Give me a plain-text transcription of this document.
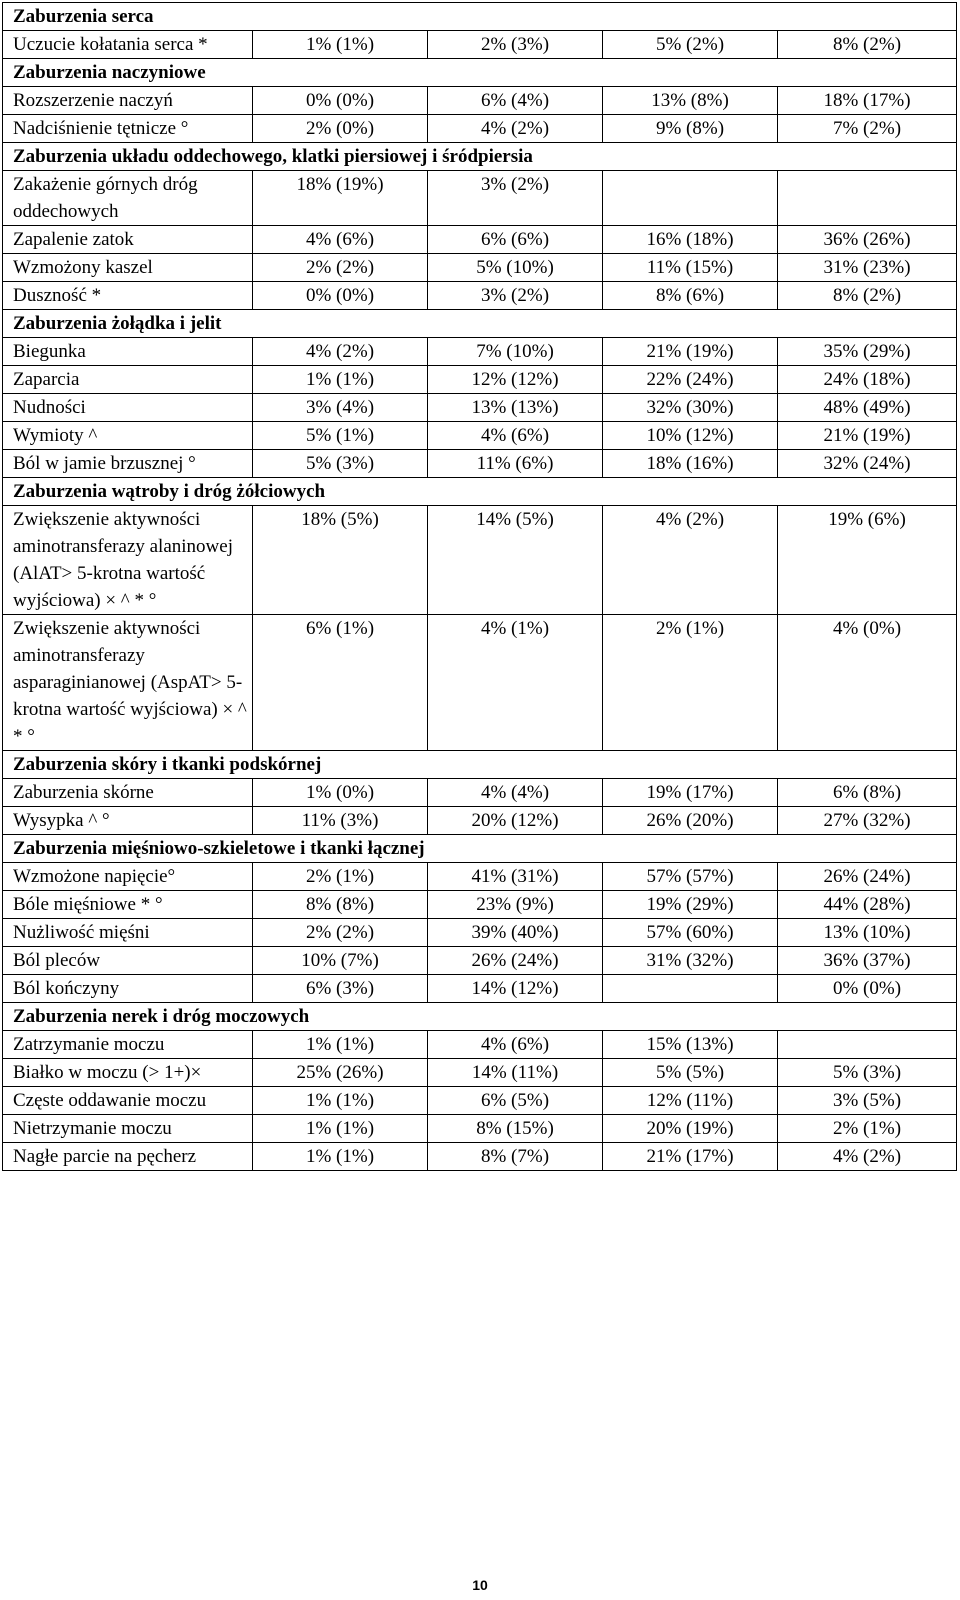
Zaburzenia serca				
Uczucie kołatania serca *	1% (1%)	2% (3%)	5% (2%)	8% (2%)
Zaburzenia naczyniowe				
Rozszerzenie naczyń	0% (0%)	6% (4%)	13% (8%)	18% (17%)
Nadciśnienie tętnicze °	2% (0%)	4% (2%)	9% (8%)	7% (2%)
Zaburzenia układu oddechowego, klatki piersiowej i śródpiersia				
Zakażenie górnych dróg oddechowych	18% (19%)	3% (2%)		
Zapalenie zatok	4% (6%)	6% (6%)	16% (18%)	36% (26%)
Wzmożony kaszel	2% (2%)	5% (10%)	11% (15%)	31% (23%)
Duszność *	0% (0%)	3% (2%)	8% (6%)	8% (2%)
Zaburzenia żołądka i jelit				
Biegunka	4% (2%)	7% (10%)	21% (19%)	35% (29%)
Zaparcia	1% (1%)	12% (12%)	22% (24%)	24% (18%)
Nudności	3% (4%)	13% (13%)	32% (30%)	48% (49%)
Wymioty ^	5% (1%)	4% (6%)	10% (12%)	21% (19%)
Ból w jamie brzusznej °	5% (3%)	11% (6%)	18% (16%)	32% (24%)
Zaburzenia wątroby i dróg żółciowych				
Zwiększenie aktywności aminotransferazy alaninowej (AlAT> 5-krotna wartość wyjściowa) × ^ * °	18% (5%)	14% (5%)	4% (2%)	19% (6%)
Zwiększenie aktywności aminotransferazy asparaginianowej (AspAT> 5-krotna wartość wyjściowa) × ^ * °	6% (1%)	4% (1%)	2% (1%)	4% (0%)
Zaburzenia skóry i tkanki podskórnej				
Zaburzenia skórne	1% (0%)	4% (4%)	19% (17%)	6% (8%)
Wysypka ^ °	11% (3%)	20% (12%)	26% (20%)	27% (32%)
Zaburzenia mięśniowo-szkieletowe i tkanki łącznej				
Wzmożone napięcie°	2% (1%)	41% (31%)	57% (57%)	26% (24%)
Bóle mięśniowe * °	8% (8%)	23% (9%)	19% (29%)	44% (28%)
Nużliwość mięśni	2% (2%)	39% (40%)	57% (60%)	13% (10%)
Ból pleców	10% (7%)	26% (24%)	31% (32%)	36% (37%)
Ból kończyny	6% (3%)	14% (12%)		0% (0%)
Zaburzenia nerek i dróg moczowych				
Zatrzymanie moczu	1% (1%)	4% (6%)	15% (13%)	
Białko w moczu (> 1+)×	25% (26%)	14% (11%)	5% (5%)	5% (3%)
Częste oddawanie moczu	1% (1%)	6% (5%)	12% (11%)	3% (5%)
Nietrzymanie moczu	1% (1%)	8% (15%)	20% (19%)	2% (1%)
Nagłe parcie na pęcherz	1% (1%)	8% (7%)	21% (17%)	4% (2%)
10
